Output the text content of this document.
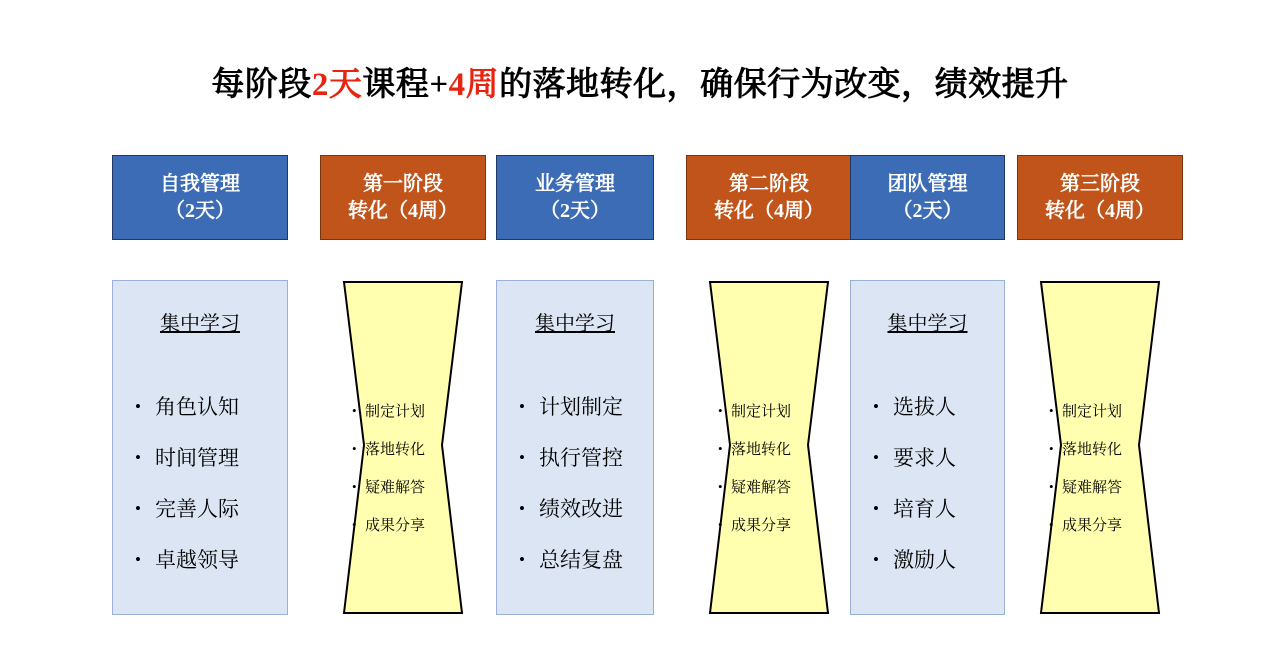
每阶段2天课程+4周的落地转化，确保行为改变，绩效提升
自我管理
（2天）
集中学习
• 角色认知
• 时间管理
• 完善人际
• 卓越领导
第一阶段
转化（4周）
• 制定计划
• 落地转化
• 疑难解答
• 成果分享
业务管理
（2天）
集中学习
• 计划制定
• 执行管控
• 绩效改进
• 总结复盘
第二阶段
转化（4周）
• 制定计划
• 落地转化
• 疑难解答
• 成果分享
团队管理
（2天）
集中学习
• 选拔人
• 要求人
• 培育人
• 激励人
第三阶段
转化（4周）
• 制定计划
• 落地转化
• 疑难解答
• 成果分享
